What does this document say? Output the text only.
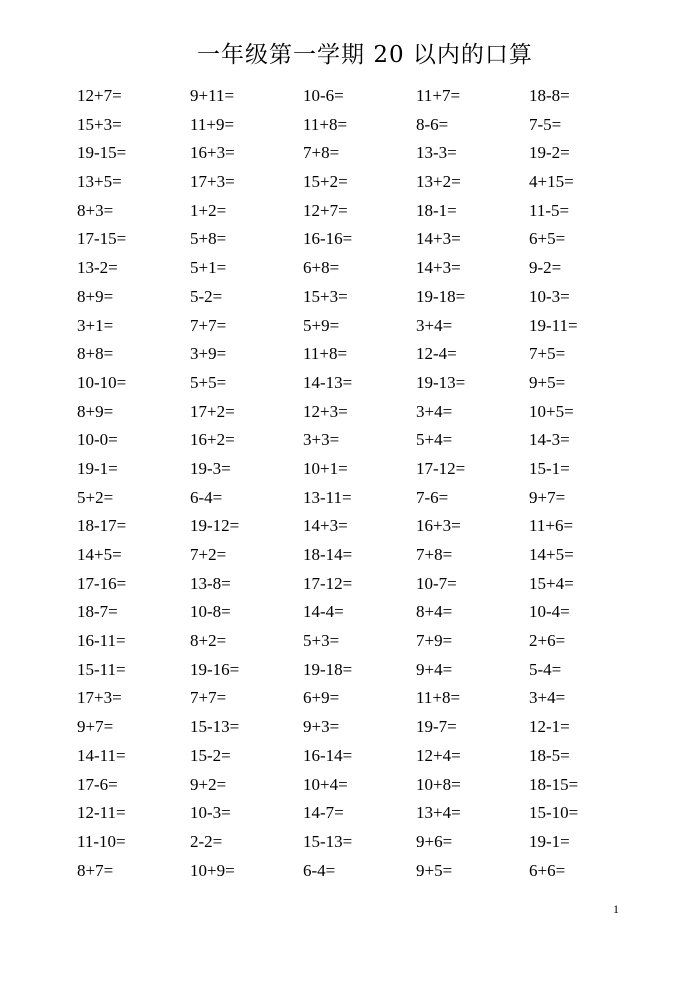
一年级第一学期 20 以内的口算
12+7=	9+11=	10-6=	11+7=	18-8=
15+3=	11+9=	11+8=	8-6=	7-5=
19-15=	16+3=	7+8=	13-3=	19-2=
13+5=	17+3=	15+2=	13+2=	4+15=
8+3=	1+2=	12+7=	18-1=	11-5=
17-15=	5+8=	16-16=	14+3=	6+5=
13-2=	5+1=	6+8=	14+3=	9-2=
8+9=	5-2=	15+3=	19-18=	10-3=
3+1=	7+7=	5+9=	3+4=	19-11=
8+8=	3+9=	11+8=	12-4=	7+5=
10-10=	5+5=	14-13=	19-13=	9+5=
8+9=	17+2=	12+3=	3+4=	10+5=
10-0=	16+2=	3+3=	5+4=	14-3=
19-1=	19-3=	10+1=	17-12=	15-1=
5+2=	6-4=	13-11=	7-6=	9+7=
18-17=	19-12=	14+3=	16+3=	11+6=
14+5=	7+2=	18-14=	7+8=	14+5=
17-16=	13-8=	17-12=	10-7=	15+4=
18-7=	10-8=	14-4=	8+4=	10-4=
16-11=	8+2=	5+3=	7+9=	2+6=
15-11=	19-16=	19-18=	9+4=	5-4=
17+3=	7+7=	6+9=	11+8=	3+4=
9+7=	15-13=	9+3=	19-7=	12-1=
14-11=	15-2=	16-14=	12+4=	18-5=
17-6=	9+2=	10+4=	10+8=	18-15=
12-11=	10-3=	14-7=	13+4=	15-10=
11-10=	2-2=	15-13=	9+6=	19-1=
8+7=	10+9=	6-4=	9+5=	6+6=
1
